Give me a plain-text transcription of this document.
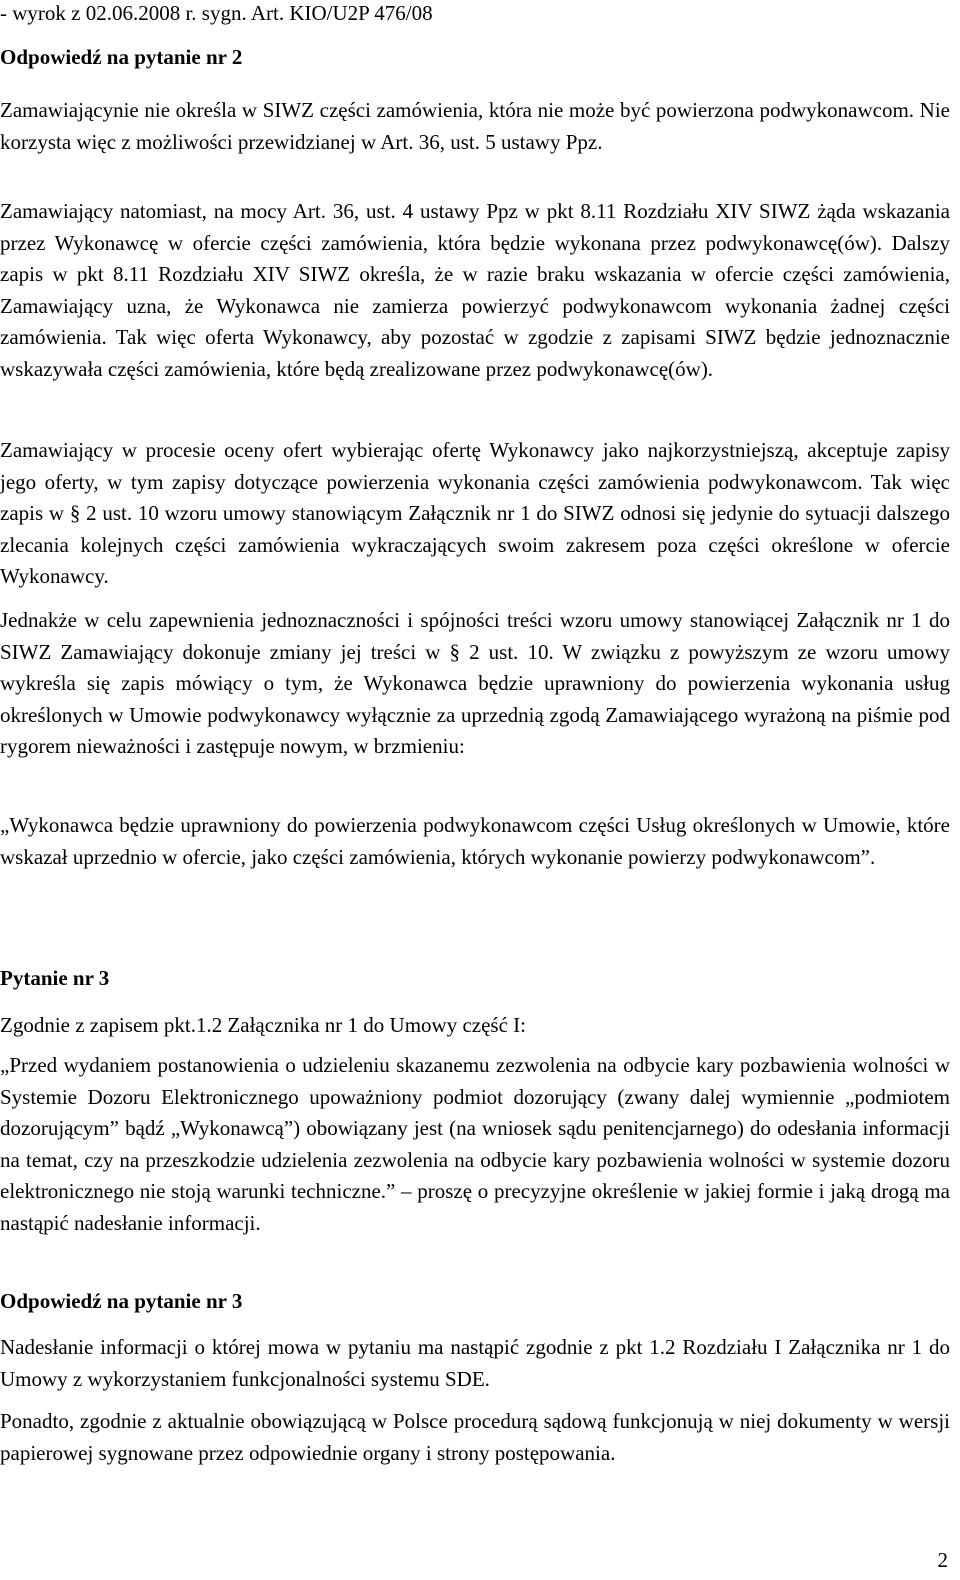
- wyrok z 02.06.2008 r. sygn. Art. KIO/U2P 476/08

Odpowiedź na pytanie nr 2

Zamawiającynie nie określa w SIWZ części zamówienia, która nie może być powierzona podwykonawcom. Nie korzysta więc z możliwości przewidzianej w Art. 36, ust. 5 ustawy Ppz.

Zamawiający natomiast, na mocy Art. 36, ust. 4 ustawy Ppz w pkt 8.11 Rozdziału XIV SIWZ żąda wskazania przez Wykonawcę w ofercie części zamówienia, która będzie wykonana przez podwykonawcę(ów). Dalszy zapis w pkt 8.11 Rozdziału XIV SIWZ określa, że w razie braku wskazania w ofercie części zamówienia, Zamawiający uzna, że Wykonawca nie zamierza powierzyć podwykonawcom wykonania żadnej części zamówienia. Tak więc oferta Wykonawcy, aby pozostać w zgodzie z zapisami SIWZ będzie jednoznacznie wskazywała części zamówienia, które będą zrealizowane przez podwykonawcę(ów).

Zamawiający w procesie oceny ofert wybierając ofertę Wykonawcy jako najkorzystniejszą, akceptuje zapisy jego oferty, w tym zapisy dotyczące powierzenia wykonania części zamówienia podwykonawcom. Tak więc zapis w § 2 ust. 10 wzoru umowy stanowiącym Załącznik nr 1 do SIWZ odnosi się jedynie do sytuacji dalszego zlecania kolejnych części zamówienia wykraczających swoim zakresem poza części określone w ofercie Wykonawcy.

Jednakże w celu zapewnienia jednoznaczności i spójności treści wzoru umowy stanowiącej Załącznik nr 1 do SIWZ Zamawiający dokonuje zmiany jej treści w § 2 ust. 10. W związku z powyższym ze wzoru umowy wykreśla się zapis mówiący o tym, że Wykonawca będzie uprawniony do powierzenia wykonania usług określonych w Umowie podwykonawcy wyłącznie za uprzednią zgodą Zamawiającego wyrażoną na piśmie pod rygorem nieważności i zastępuje nowym, w brzmieniu:

„Wykonawca będzie uprawniony do powierzenia podwykonawcom części Usług określonych w Umowie, które wskazał uprzednio w ofercie, jako części zamówienia, których wykonanie powierzy podwykonawcom”.

Pytanie nr 3

Zgodnie z zapisem pkt.1.2 Załącznika nr 1 do Umowy część I:

„Przed wydaniem postanowienia o udzieleniu skazanemu zezwolenia na odbycie kary pozbawienia wolności w Systemie Dozoru Elektronicznego upoważniony podmiot dozorujący (zwany dalej wymiennie „podmiotem dozorującym” bądź „Wykonawcą”) obowiązany jest (na wniosek sądu penitencjarnego) do odesłania informacji na temat, czy na przeszkodzie udzielenia zezwolenia na odbycie kary pozbawienia wolności w systemie dozoru elektronicznego nie stoją warunki techniczne.” – proszę o precyzyjne określenie w jakiej formie i jaką drogą ma nastąpić nadesłanie informacji.

Odpowiedź na pytanie nr 3

Nadesłanie informacji o której mowa w pytaniu ma nastąpić zgodnie z pkt 1.2 Rozdziału I Załącznika nr 1 do Umowy z wykorzystaniem funkcjonalności systemu SDE.

Ponadto, zgodnie z aktualnie obowiązującą w Polsce procedurą sądową funkcjonują w niej dokumenty w wersji papierowej sygnowane przez odpowiednie organy i strony postępowania.

2
